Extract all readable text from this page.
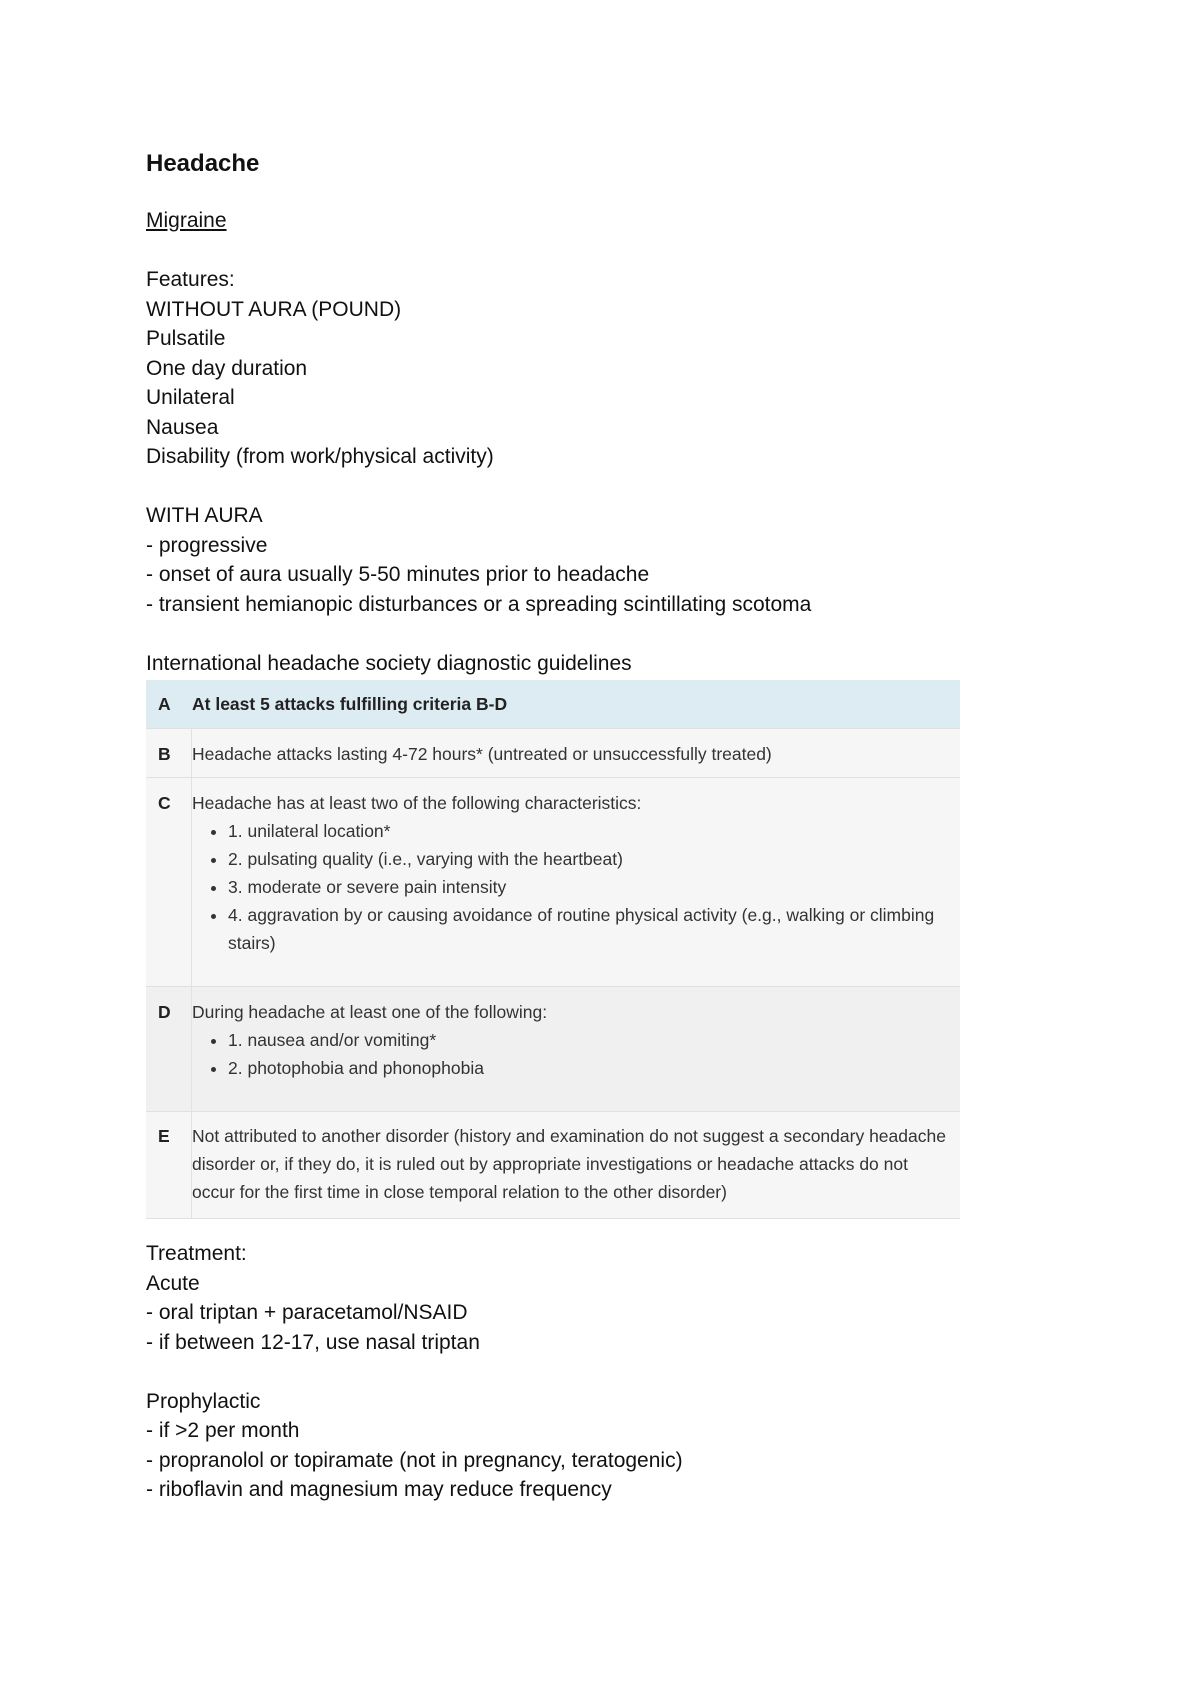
Headache

Migraine

Features:

WITHOUT AURA (POUND)

Pulsatile

One day duration

Unilateral

Nausea

Disability (from work/physical activity)

WITH AURA

- progressive

- onset of aura usually 5-50 minutes prior to headache

- transient hemianopic disturbances or a spreading scintillating scotoma

International headache society diagnostic guidelines

A	At least 5 attacks fulfilling criteria B-D
B	Headache attacks lasting 4-72 hours* (untreated or unsuccessfully treated)
C	Headache has at least two of the following characteristics:
• 1. unilateral location*
• 2. pulsating quality (i.e., varying with the heartbeat)
• 3. moderate or severe pain intensity
• 4. aggravation by or causing avoidance of routine physical activity (e.g., walking or climbing stairs)
D	During headache at least one of the following:
• 1. nausea and/or vomiting*
• 2. photophobia and phonophobia
E	Not attributed to another disorder (history and examination do not suggest a secondary headache disorder or, if they do, it is ruled out by appropriate investigations or headache attacks do not occur for the first time in close temporal relation to the other disorder)

Treatment:

Acute

- oral triptan + paracetamol/NSAID

- if between 12-17, use nasal triptan

Prophylactic

- if >2 per month

- propranolol or topiramate (not in pregnancy, teratogenic)

- riboflavin and magnesium may reduce frequency
